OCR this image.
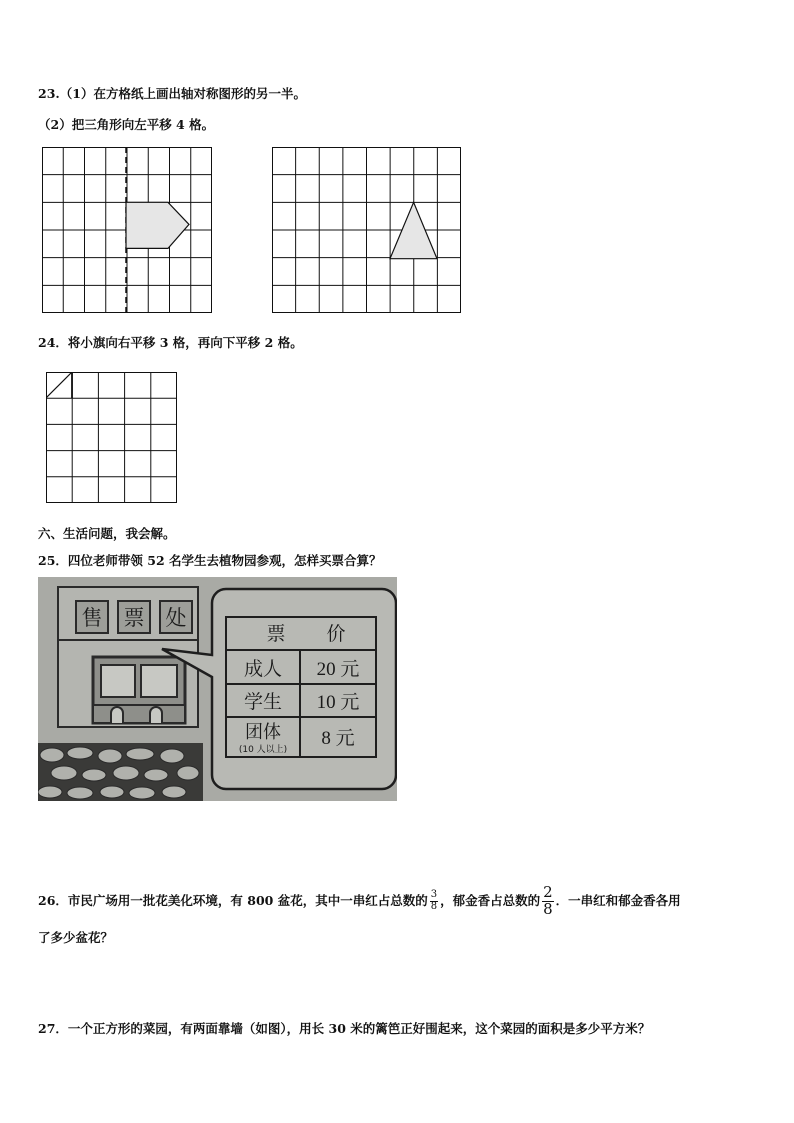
23.（1）在方格纸上画出轴对称图形的另一半。
（2）把三角形向左平移 4 格。
24．将小旗向右平移 3 格，再向下平移 2 格。
六、生活问题，我会解。
25．四位老师带领 52 名学生去植物园参观，怎样买票合算？
售 票 处
票 价
成人 20 元
学生 10 元
团体
(10 人以上)
8 元
26．市民广场用一批花美化环境，有 800 盆花，其中一串红占总数的 $\frac{3}{8}$ ，郁金香占总数的 $\frac{2}{8}$ ．一串红和郁金香各用
了多少盆花？
27．一个正方形的菜园，有两面靠墙（如图），用长 30 米的篱笆正好围起来，这个菜园的面积是多少平方米？
